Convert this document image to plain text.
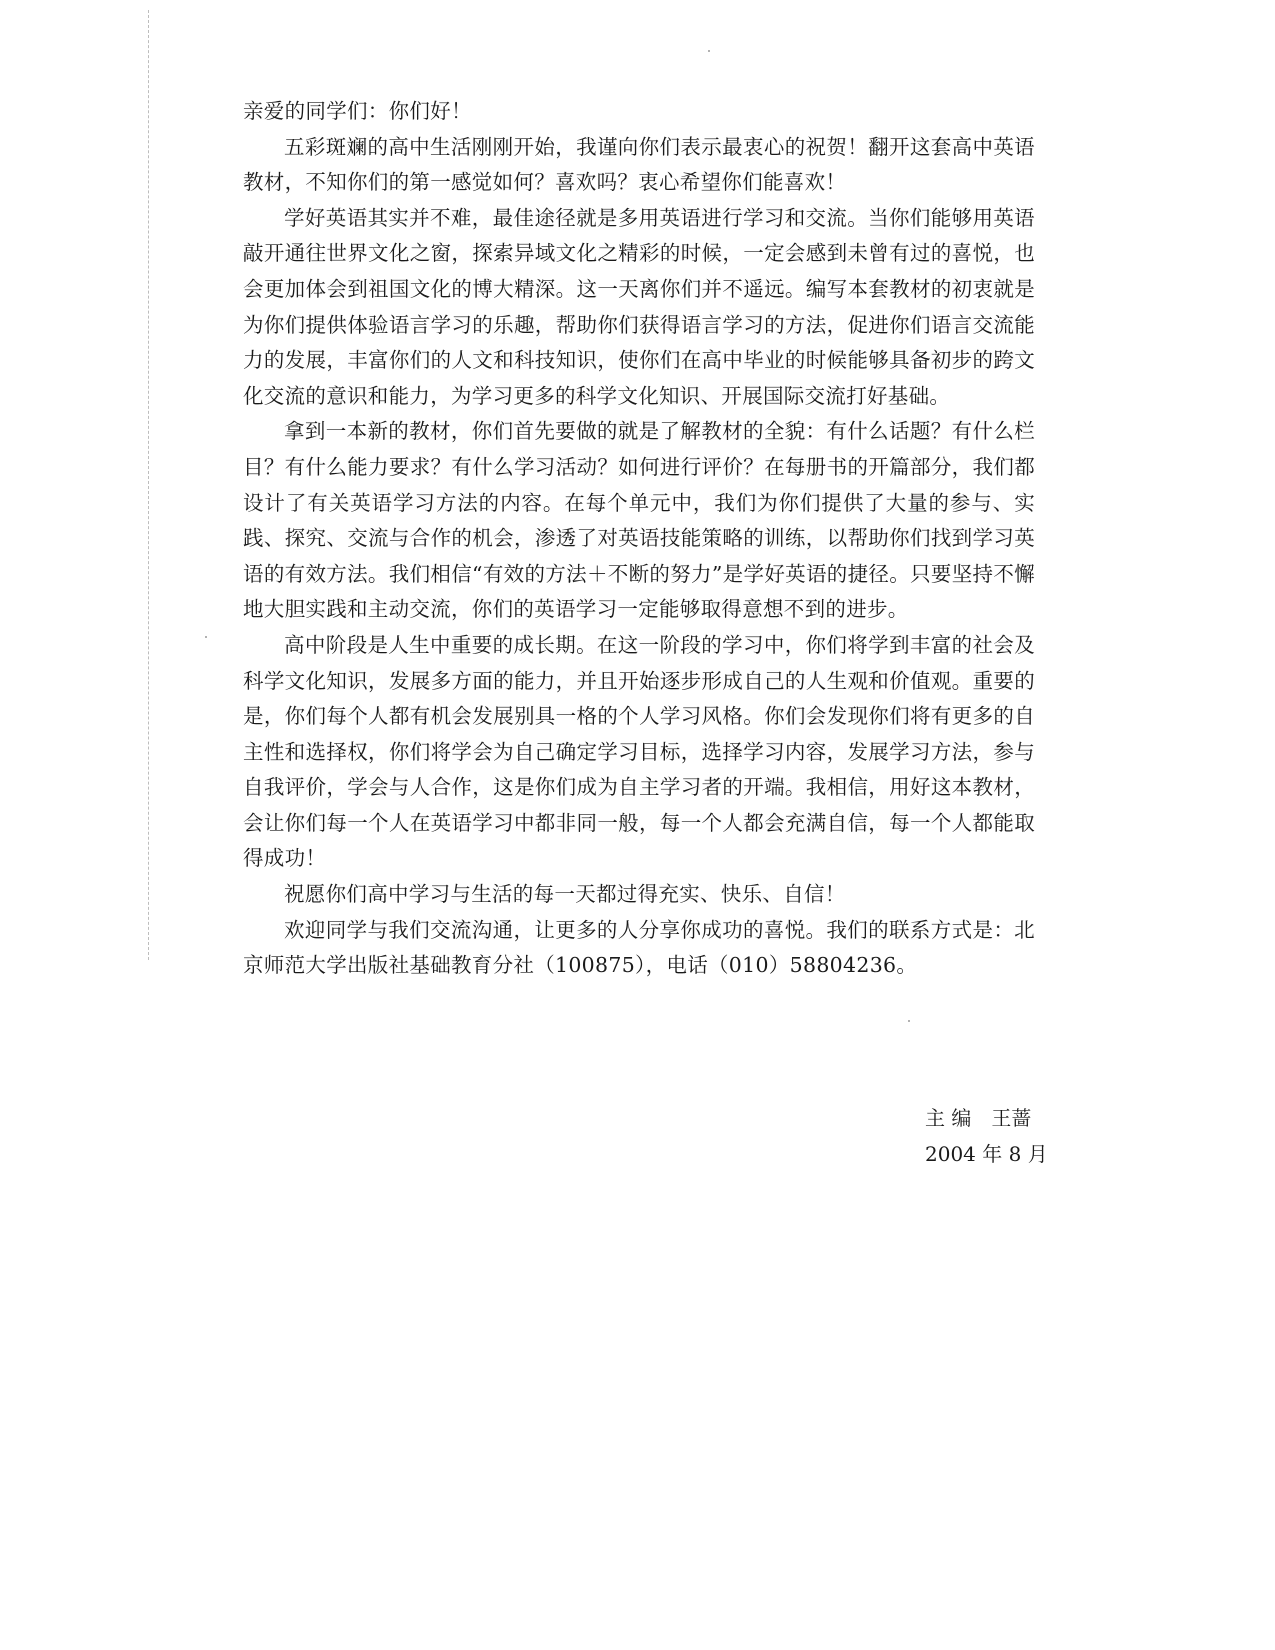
亲爱的同学们：你们好！

五彩斑斓的高中生活刚刚开始，我谨向你们表示最衷心的祝贺！翻开这套高中英语教材，不知你们的第一感觉如何？喜欢吗？衷心希望你们能喜欢！

学好英语其实并不难，最佳途径就是多用英语进行学习和交流。当你们能够用英语敲开通往世界文化之窗，探索异域文化之精彩的时候，一定会感到未曾有过的喜悦，也会更加体会到祖国文化的博大精深。这一天离你们并不遥远。编写本套教材的初衷就是为你们提供体验语言学习的乐趣，帮助你们获得语言学习的方法，促进你们语言交流能力的发展，丰富你们的人文和科技知识，使你们在高中毕业的时候能够具备初步的跨文化交流的意识和能力，为学习更多的科学文化知识、开展国际交流打好基础。

拿到一本新的教材，你们首先要做的就是了解教材的全貌：有什么话题？有什么栏目？有什么能力要求？有什么学习活动？如何进行评价？在每册书的开篇部分，我们都设计了有关英语学习方法的内容。在每个单元中，我们为你们提供了大量的参与、实践、探究、交流与合作的机会，渗透了对英语技能策略的训练，以帮助你们找到学习英语的有效方法。我们相信“有效的方法＋不断的努力”是学好英语的捷径。只要坚持不懈地大胆实践和主动交流，你们的英语学习一定能够取得意想不到的进步。

高中阶段是人生中重要的成长期。在这一阶段的学习中，你们将学到丰富的社会及科学文化知识，发展多方面的能力，并且开始逐步形成自己的人生观和价值观。重要的是，你们每个人都有机会发展别具一格的个人学习风格。你们会发现你们将有更多的自主性和选择权，你们将学会为自己确定学习目标，选择学习内容，发展学习方法，参与自我评价，学会与人合作，这是你们成为自主学习者的开端。我相信，用好这本教材，会让你们每一个人在英语学习中都非同一般，每一个人都会充满自信，每一个人都能取得成功！

祝愿你们高中学习与生活的每一天都过得充实、快乐、自信！

欢迎同学与我们交流沟通，让更多的人分享你成功的喜悦。我们的联系方式是：北京师范大学出版社基础教育分社（100875），电话（010）58804236。

主 编　王蔷
2004 年 8 月
